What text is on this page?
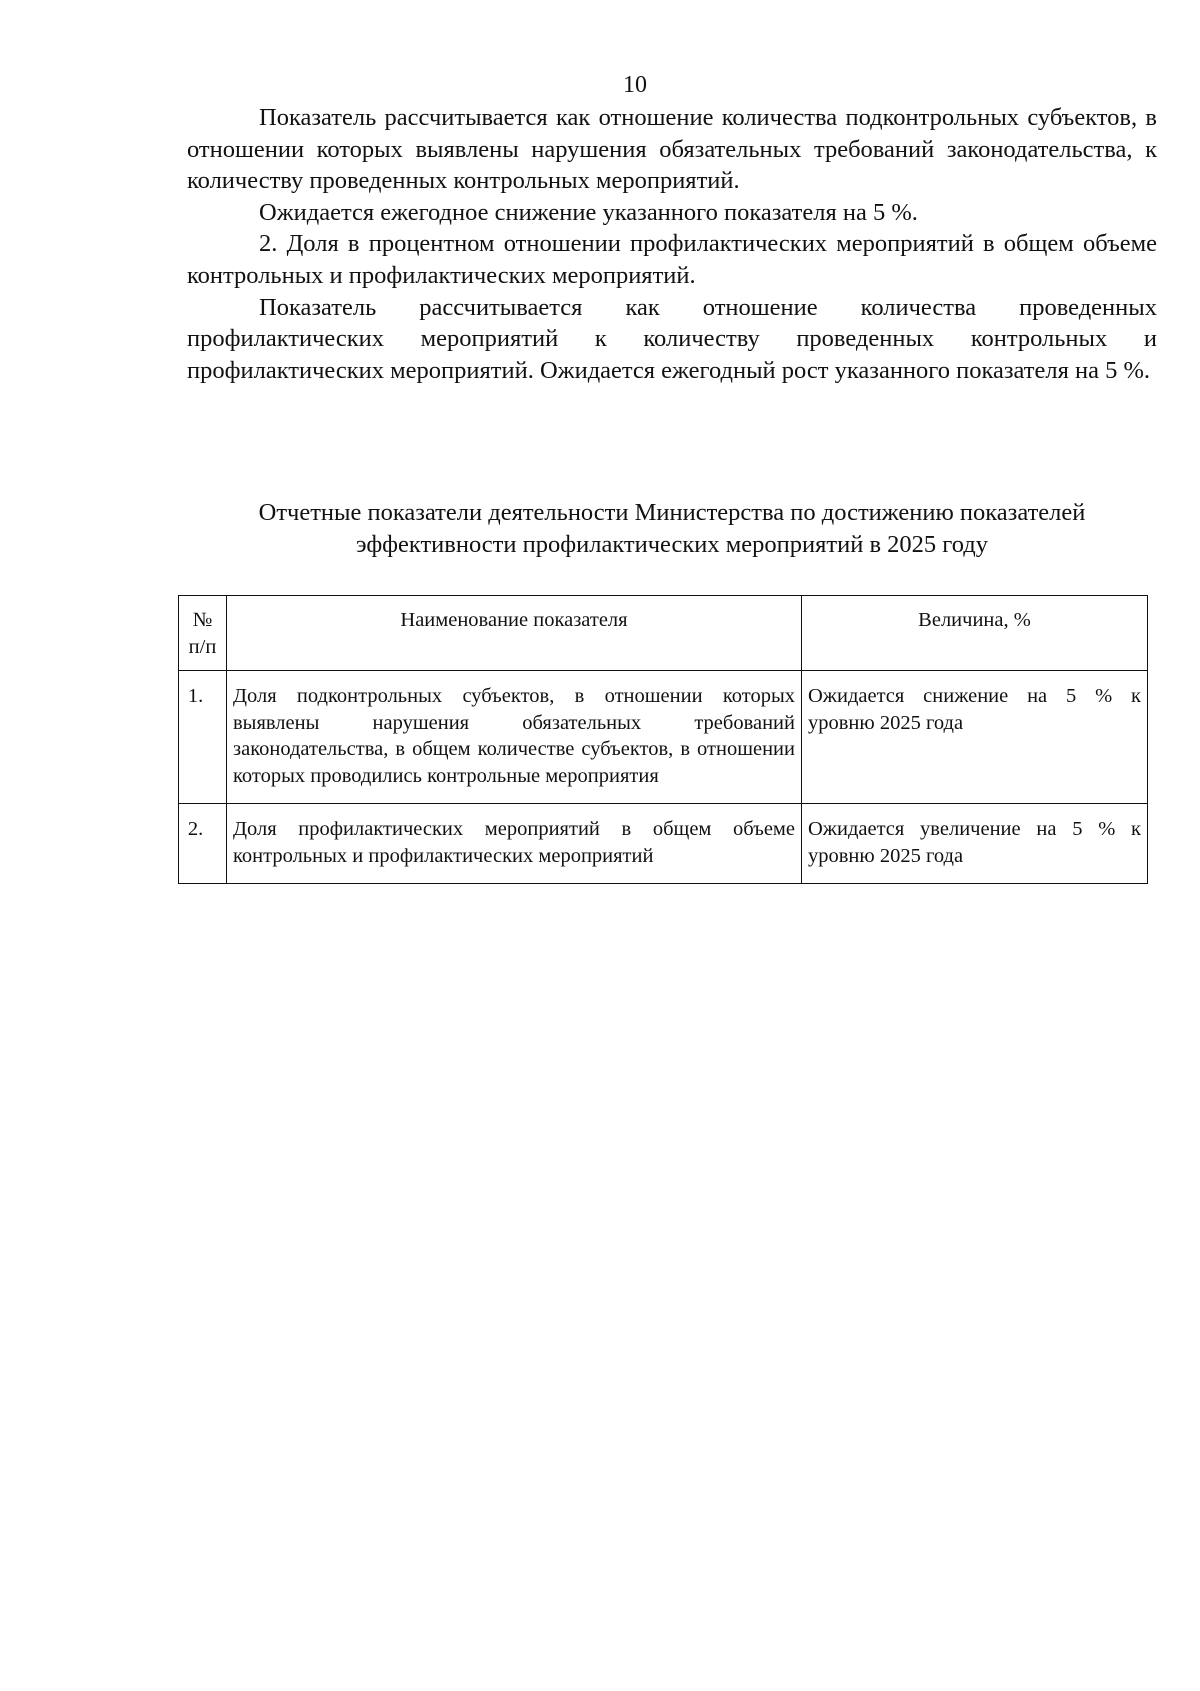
10

Показатель рассчитывается как отношение количества подконтрольных субъектов, в отношении которых выявлены нарушения обязательных требований законодательства, к количеству проведенных контрольных мероприятий.

Ожидается ежегодное снижение указанного показателя на 5 %.

2. Доля в процентном отношении профилактических мероприятий в общем объеме контрольных и профилактических мероприятий.

Показатель рассчитывается как отношение количества проведенных профилактических мероприятий к количеству проведенных контрольных и профилактических мероприятий. Ожидается ежегодный рост указанного показателя на 5 %.

Отчетные показатели деятельности Министерства по достижению показателей
эффективности профилактических мероприятий в 2025 году
№ п/п	Наименование показателя	Величина, %
1.	Доля подконтрольных субъектов, в отношении которых выявлены нарушения обязательных требований законодательства, в общем количестве субъектов, в отношении которых проводились контрольные мероприятия	Ожидается снижение на 5 % к уровню 2025 года
2.	Доля профилактических мероприятий в общем объеме контрольных и профилактических мероприятий	Ожидается увеличение на 5 % к уровню 2025 года
